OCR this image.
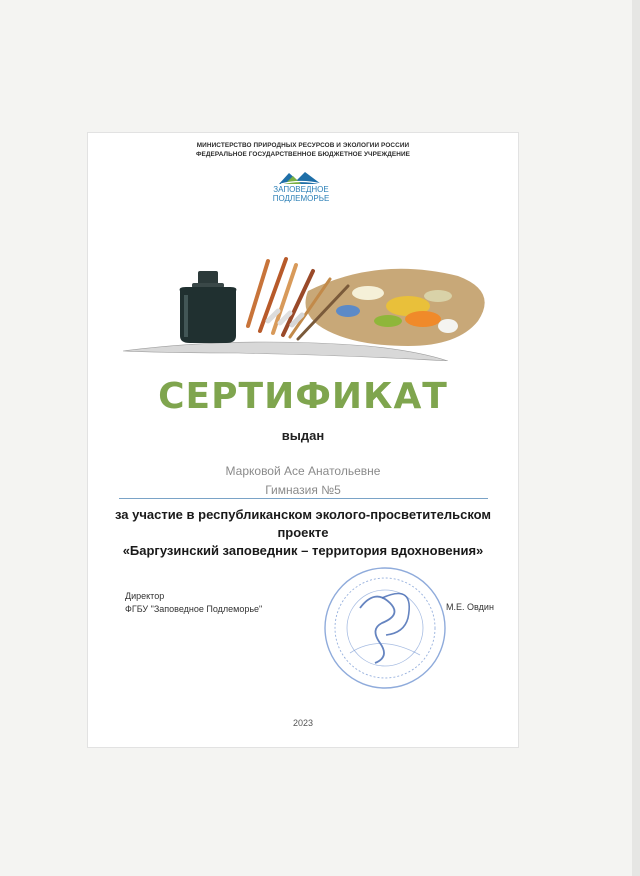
МИНИСТЕРСТВО ПРИРОДНЫХ РЕСУРСОВ И ЭКОЛОГИИ РОССИИ
ФЕДЕРАЛЬНОЕ ГОСУДАРСТВЕННОЕ БЮДЖЕТНОЕ УЧРЕЖДЕНИЕ
ЗАПОВЕДНОЕ
ПОДЛЕМОРЬЕ
СЕРТИФИКАТ
выдан
Марковой Асе Анатольевне
Гимназия №5
за участие в республиканском эколого-просветительском проекте
«Баргузинский заповедник – территория вдохновения»
Директор
ФГБУ "Заповедное Подлеморье"	М.Е. Овдин
2023
